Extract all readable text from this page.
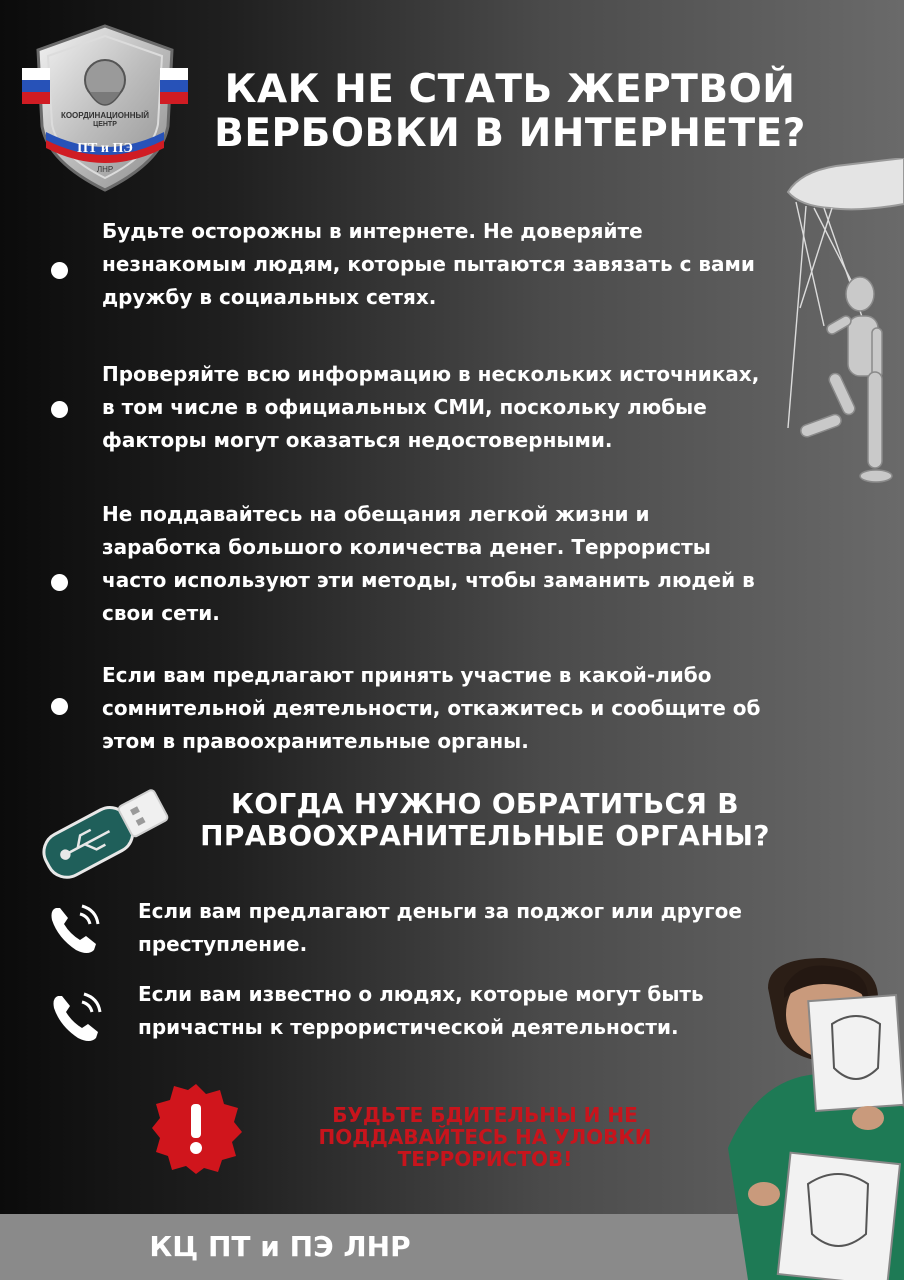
КООРДИНАЦИОННЫЙ
ЦЕНТР
ПТ и ПЭ
ЛНР
КАК НЕ СТАТЬ ЖЕРТВОЙ
ВЕРБОВКИ В ИНТЕРНЕТЕ?
Будьте осторожны в интернете. Не доверяйте
незнакомым людям, которые пытаются завязать с вами
дружбу в социальных сетях.
Проверяйте всю информацию в нескольких источниках,
в том числе в официальных СМИ, поскольку любые
факторы могут оказаться недостоверными.
Не поддавайтесь на обещания легкой жизни и
заработка большого количества денег. Террористы
часто используют эти методы, чтобы заманить людей в
свои сети.
Если вам предлагают принять участие в какой-либо
сомнительной деятельности, откажитесь и сообщите об
этом в правоохранительные органы.
КОГДА НУЖНО ОБРАТИТЬСЯ В
ПРАВООХРАНИТЕЛЬНЫЕ ОРГАНЫ?
Если вам предлагают деньги за поджог или другое
преступление.
Если вам известно о людях, которые могут быть
причастны к террористической деятельности.
БУДЬТЕ БДИТЕЛЬНЫ И НЕ
ПОДДАВАЙТЕСЬ НА УЛОВКИ
ТЕРРОРИСТОВ!
КЦ ПТ и ПЭ ЛНР
